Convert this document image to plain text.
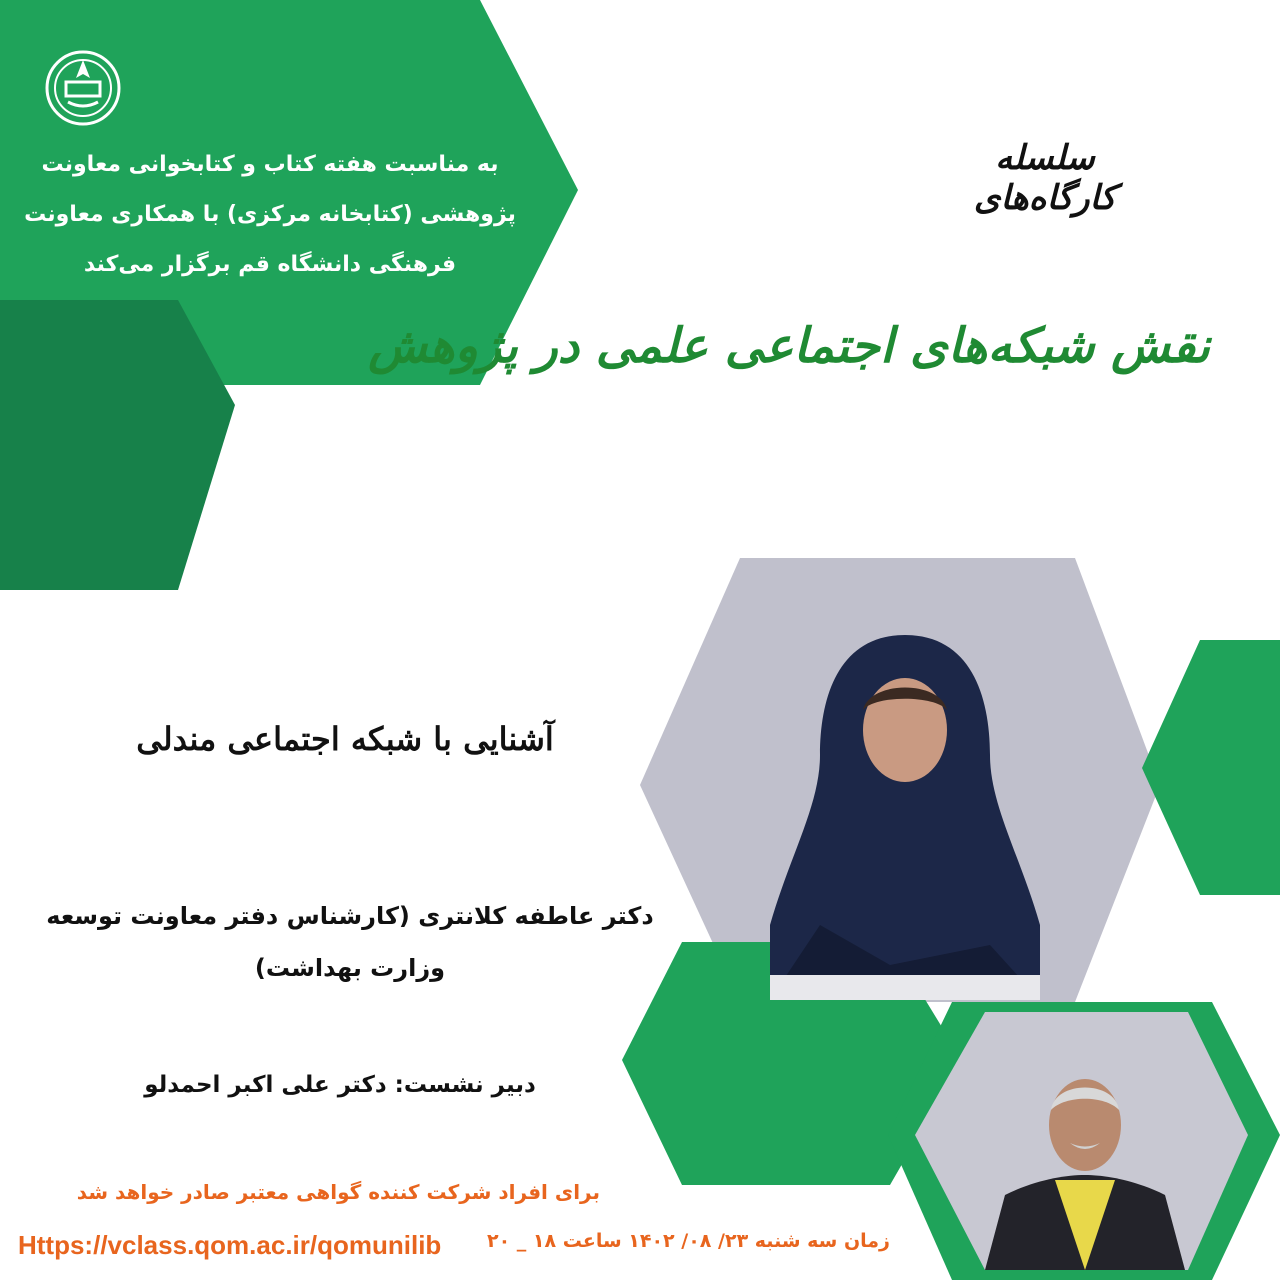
به مناسبت هفته کتاب و کتابخوانی معاونت
پژوهشی (کتابخانه مرکزی) با همکاری معاونت
فرهنگی دانشگاه قم برگزار می‌کند
سلسله کارگاه‌های
نقش شبکه‌های اجتماعی علمی در پژوهش
آشنایی با شبکه اجتماعی مندلی
دکتر عاطفه کلانتری (کارشناس دفتر معاونت توسعه
وزارت بهداشت)
دبیر نشست: دکتر علی اکبر احمدلو
برای افراد شرکت کننده گواهی معتبر صادر خواهد شد
زمان سه شنبه ۲۳/ ۰۸/ ۱۴۰۲ ساعت ۱۸ _ ۲۰
Https://vclass.qom.ac.ir/qomunilib
